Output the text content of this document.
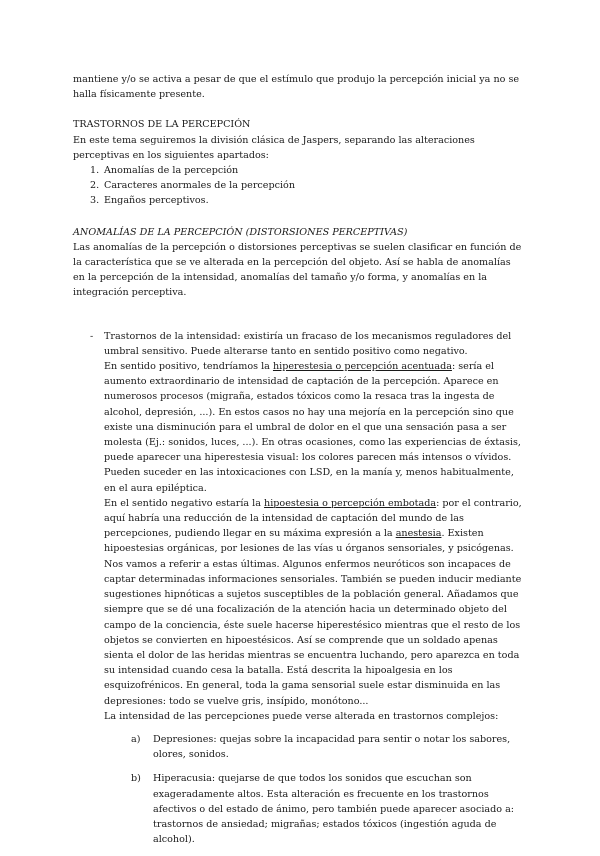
mantiene y/o se activa a pesar de que el estímulo que produjo la percepción inicial ya no se halla físicamente presente.

TRASTORNOS DE LA PERCEPCIÓN

En este tema seguiremos la división clásica de Jaspers, separando las alteraciones perceptivas en los siguientes apartados:

1. Anomalías de la percepción
2. Caracteres anormales de la percepción
3. Engaños perceptivos.

ANOMALÍAS DE LA PERCEPCIÓN (DISTORSIONES PERCEPTIVAS)

Las anomalías de la percepción o distorsiones perceptivas se suelen clasificar en función de la característica que se ve alterada en la percepción del objeto. Así se habla de anomalías en la percepción de la intensidad, anomalías del tamaño y/o forma, y anomalías en la integración perceptiva.

- Trastornos de la intensidad: existiría un fracaso de los mecanismos reguladores del umbral sensitivo. Puede alterarse tanto en sentido positivo como negativo.

En sentido positivo, tendríamos la hiperestesia o percepción acentuada: sería el aumento extraordinario de intensidad de captación de la percepción. Aparece en numerosos procesos (migraña, estados tóxicos como la resaca tras la ingesta de alcohol, depresión, ...). En estos casos no hay una mejoría en la percepción sino que existe una disminución para el umbral de dolor en el que una sensación pasa a ser molesta (Ej.: sonidos, luces, ...). En otras ocasiones, como las experiencias de éxtasis, puede aparecer una hiperestesia visual: los colores parecen más intensos o vívidos. Pueden suceder en las intoxicaciones con LSD, en la manía y, menos habitualmente, en el aura epiléptica.

En el sentido negativo estaría la hipoestesia o percepción embotada: por el contrario, aquí habría una reducción de la intensidad de captación del mundo de las percepciones, pudiendo llegar en su máxima expresión a la anestesia. Existen hipoestesias orgánicas, por lesiones de las vías u órganos sensoriales, y psicógenas. Nos vamos a referir a estas últimas. Algunos enfermos neuróticos son incapaces de captar determinadas informaciones sensoriales. También se pueden inducir mediante sugestiones hipnóticas a sujetos susceptibles de la población general. Añadamos que siempre que se dé una focalización de la atención hacia un determinado objeto del campo de la conciencia, éste suele hacerse hiperestésico mientras que el resto de los objetos se convierten en hipoestésicos. Así se comprende que un soldado apenas sienta el dolor de las heridas mientras se encuentra luchando, pero aparezca en toda su intensidad cuando cesa la batalla. Está descrita la hipoalgesia en los esquizofrénicos. En general, toda la gama sensorial suele estar disminuida en las depresiones: todo se vuelve gris, insípido, monótono...

La intensidad de las percepciones puede verse alterada en trastornos complejos:

a) Depresiones: quejas sobre la incapacidad para sentir o notar los sabores, olores, sonidos.
b) Hiperacusia: quejarse de que todos los sonidos que escuchan son exageradamente altos. Esta alteración es frecuente en los trastornos afectivos o del estado de ánimo, pero también puede aparecer asociado a: trastornos de ansiedad; migrañas; estados tóxicos (ingestión aguda de alcohol).
